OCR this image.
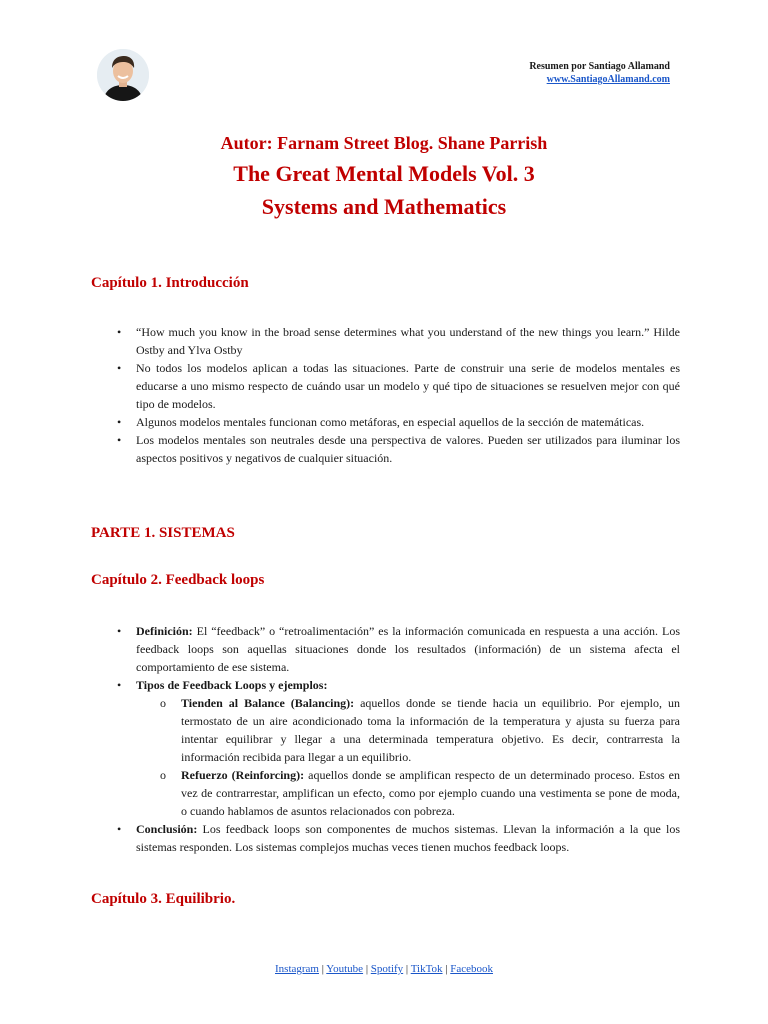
Resumen por Santiago Allamand
www.SantiagoAllamand.com
Autor: Farnam Street Blog. Shane Parrish
The Great Mental Models Vol. 3
Systems and Mathematics
Capítulo 1. Introducción
• “How much you know in the broad sense determines what you understand of the new things you learn.” Hilde Ostby and Ylva Ostby
• No todos los modelos aplican a todas las situaciones. Parte de construir una serie de modelos mentales es educarse a uno mismo respecto de cuándo usar un modelo y qué tipo de situaciones se resuelven mejor con qué tipo de modelos.
• Algunos modelos mentales funcionan como metáforas, en especial aquellos de la sección de matemáticas.
• Los modelos mentales son neutrales desde una perspectiva de valores. Pueden ser utilizados para iluminar los aspectos positivos y negativos de cualquier situación.
PARTE 1. SISTEMAS
Capítulo 2. Feedback loops
• Definición: El “feedback” o “retroalimentación” es la información comunicada en respuesta a una acción. Los feedback loops son aquellas situaciones donde los resultados (información) de un sistema afecta el comportamiento de ese sistema.
• Tipos de Feedback Loops y ejemplos:
o Tienden al Balance (Balancing): aquellos donde se tiende hacia un equilibrio. Por ejemplo, un termostato de un aire acondicionado toma la información de la temperatura y ajusta su fuerza para intentar equilibrar y llegar a una determinada temperatura objetivo. Es decir, contrarresta la información recibida para llegar a un equilibrio.
o Refuerzo (Reinforcing): aquellos donde se amplifican respecto de un determinado proceso. Estos en vez de contrarrestar, amplifican un efecto, como por ejemplo cuando una vestimenta se pone de moda, o cuando hablamos de asuntos relacionados con pobreza.
• Conclusión: Los feedback loops son componentes de muchos sistemas. Llevan la información a la que los sistemas responden. Los sistemas complejos muchas veces tienen muchos feedback loops.
Capítulo 3. Equilibrio.
Instagram | Youtube | Spotify | TikTok | Facebook
